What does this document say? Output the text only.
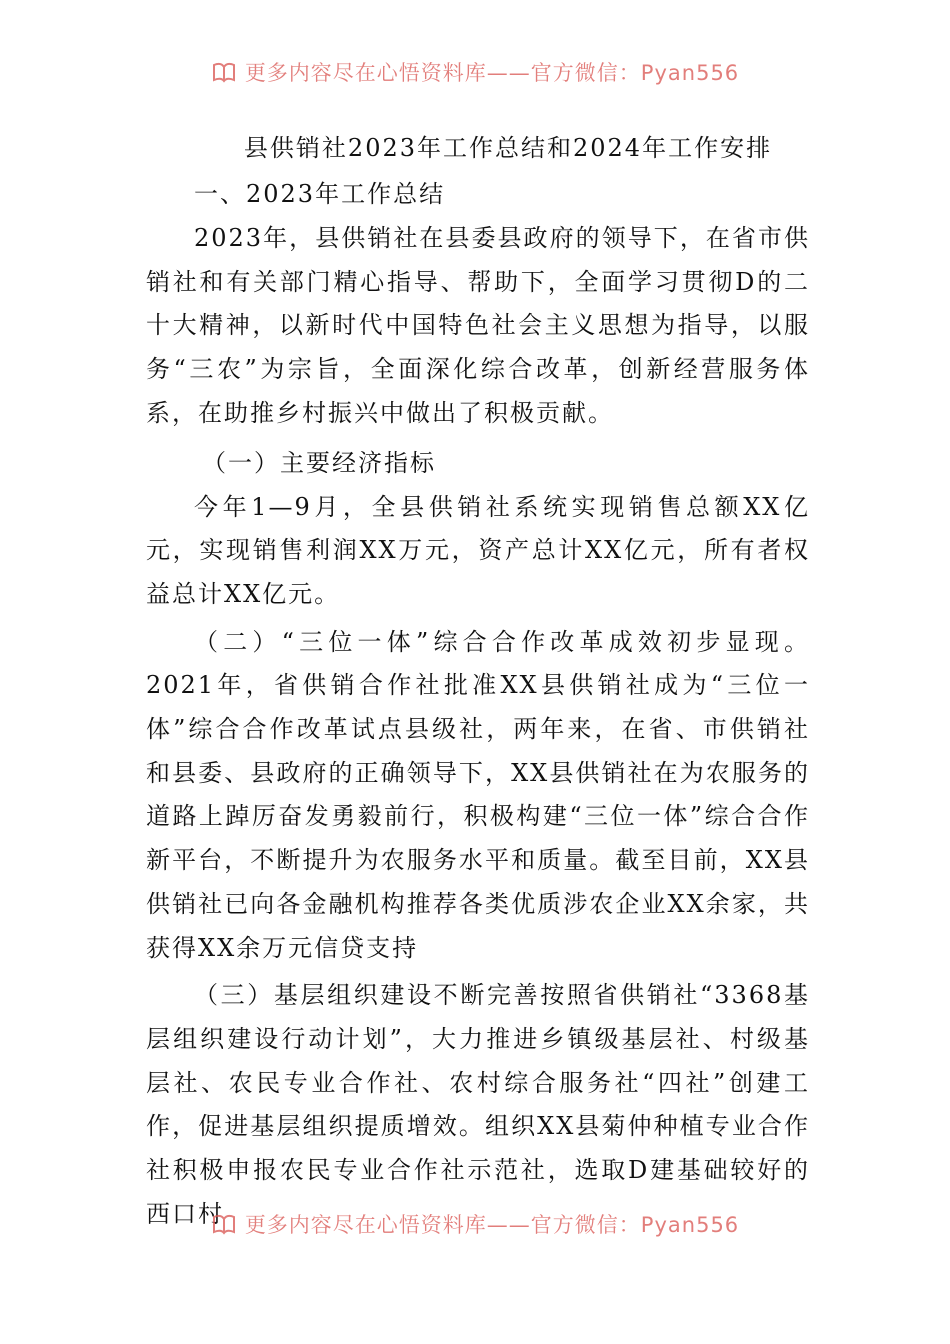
更多内容尽在心悟资料库——官方微信：Pyan556

县供销社2023年工作总结和2024年工作安排

一、2023年工作总结

2023年，县供销社在县委县政府的领导下，在省市供销社和有关部门精心指导、帮助下，全面学习贯彻D的二十大精神，以新时代中国特色社会主义思想为指导，以服务“三农”为宗旨，全面深化综合改革，创新经营服务体系，在助推乡村振兴中做出了积极贡献。

（一）主要经济指标

今年1—9月，全县供销社系统实现销售总额XX亿元，实现销售利润XX万元，资产总计XX亿元，所有者权益总计XX亿元。

（二）“三位一体”综合合作改革成效初步显现。2021年，省供销合作社批准XX县供销社成为“三位一体”综合合作改革试点县级社，两年来，在省、市供销社和县委、县政府的正确领导下，XX县供销社在为农服务的道路上踔厉奋发勇毅前行，积极构建“三位一体”综合合作新平台，不断提升为农服务水平和质量。截至目前，XX县供销社已向各金融机构推荐各类优质涉农企业XX余家，共获得XX余万元信贷支持

（三）基层组织建设不断完善按照省供销社“3368基层组织建设行动计划”，大力推进乡镇级基层社、村级基层社、农民专业合作社、农村综合服务社“四社”创建工作，促进基层组织提质增效。组织XX县菊仲种植专业合作社积极申报农民专业合作社示范社，选取D建基础较好的西口村 更多内容尽在心悟资料库——官方微信：Pyan556
